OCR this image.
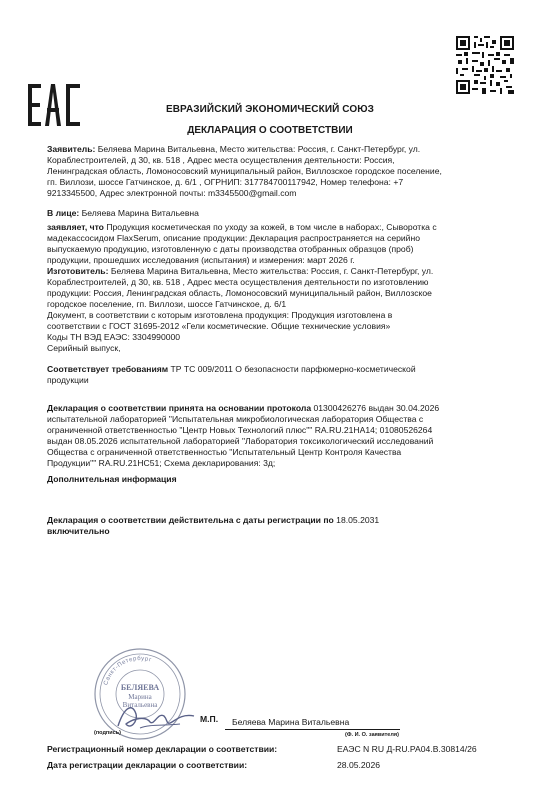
ЕВРАЗИЙСКИЙ ЭКОНОМИЧЕСКИЙ СОЮЗ
ДЕКЛАРАЦИЯ О СООТВЕТСТВИИ
Заявитель: Беляева Марина Витальевна, Место жительства: Россия, г. Санкт-Петербург, ул.
Кораблестроителей, д 30, кв. 518 , Адрес места осуществления деятельности: Россия,
Ленинградская область, Ломоносовский муниципальный район, Виллозское городское поселение,
гп. Виллози, шоссе Гатчинское, д. 6/1 , ОГРНИП: 317784700117942, Номер телефона: +7
9213345500, Адрес электронной почты: m3345500@gmail.com
В лице: Беляева Марина Витальевна
заявляет, что Продукция косметическая по уходу за кожей, в том числе в наборах:, Сыворотка с
мадекассосидом FlaxSerum, описание продукции: Декларация распространяется на серийно
выпускаемую продукцию, изготовленную с даты производства отобранных образцов (проб)
продукции, прошедших исследования (испытания) и измерения: март 2026 г.
Изготовитель: Беляева Марина Витальевна, Место жительства: Россия, г. Санкт-Петербург, ул.
Кораблестроителей, д 30, кв. 518 , Адрес места осуществления деятельности по изготовлению
продукции: Россия, Ленинградская область, Ломоносовский муниципальный район, Виллозское
городское поселение, гп. Виллози, шоссе Гатчинское, д. 6/1
Документ, в соответствии с которым изготовлена продукция: Продукция изготовлена в
соответствии с ГОСТ 31695-2012 «Гели косметические. Общие технические условия»
Коды ТН ВЭД ЕАЭС: 3304990000
Серийный выпуск,
Соответствует требованиям ТР ТС 009/2011 О безопасности парфюмерно-косметической
продукции
Декларация о соответствии принята на основании протокола 01300426276 выдан 30.04.2026
испытательной лабораторией "Испытательная микробиологическая лаборатория Общества с
ограниченной ответственностью "Центр Новых Технологий плюс"" RA.RU.21НА14; 01080526264
выдан 08.05.2026 испытательной лабораторией "Лаборатория токсикологический исследований
Общества с ограниченной ответственностью "Испытательный Центр Контроля Качества
Продукции"" RA.RU.21НС51; Схема декларирования: 3д;
Дополнительная информация
Декларация о соответствии действительна с даты регистрации по 18.05.2031
включительно
Санкт-Петербург
БЕЛЯЕВА
Марина
Витальевна
М.П. Беляева Марина Витальевна
(подпись)	(Ф. И. О. заявителя)
Регистрационный номер декларации о соответствии:	ЕАЭС N RU Д-RU.PA04.B.30814/26
Дата регистрации декларации о соответствии:	28.05.2026
